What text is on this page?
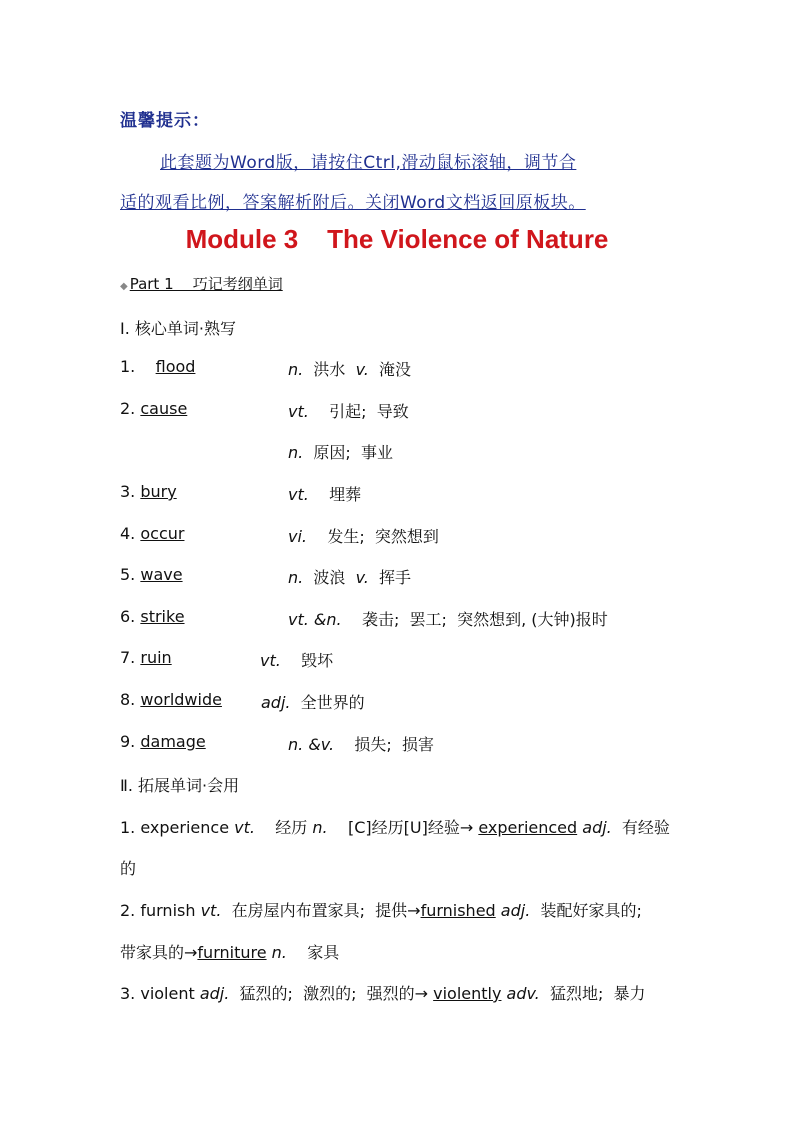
温馨提示：
此套题为Word版，请按住Ctrl,滑动鼠标滚轴，调节合
适的观看比例，答案解析附后。关闭Word文档返回原板块。
Module 3    The Violence of Nature
◆ Part 1    巧记考纲单词
Ⅰ. 核心单词·熟写
1.    flood	n.  洪水  v.  淹没
2. cause	vt.    引起;  导致
n.  原因;  事业
3. bury	vt.    埋葬
4. occur	vi.    发生;  突然想到
5. wave	n.  波浪  v.  挥手
6. strike	vt. &n.    袭击;  罢工;  突然想到, (大钟)报时
7. ruin	vt.    毁坏
8. worldwide adj.  全世界的
9. damage	n. &v.    损失;  损害
Ⅱ. 拓展单词·会用
1. experience vt.    经历 n.    [C]经历[U]经验→ experienced adj.  有经验
的
2. furnish vt.  在房屋内布置家具;  提供→furnished adj.  装配好家具的;
带家具的→furniture n.    家具
3. violent adj.  猛烈的;  激烈的;  强烈的→ violently adv.  猛烈地;  暴力
